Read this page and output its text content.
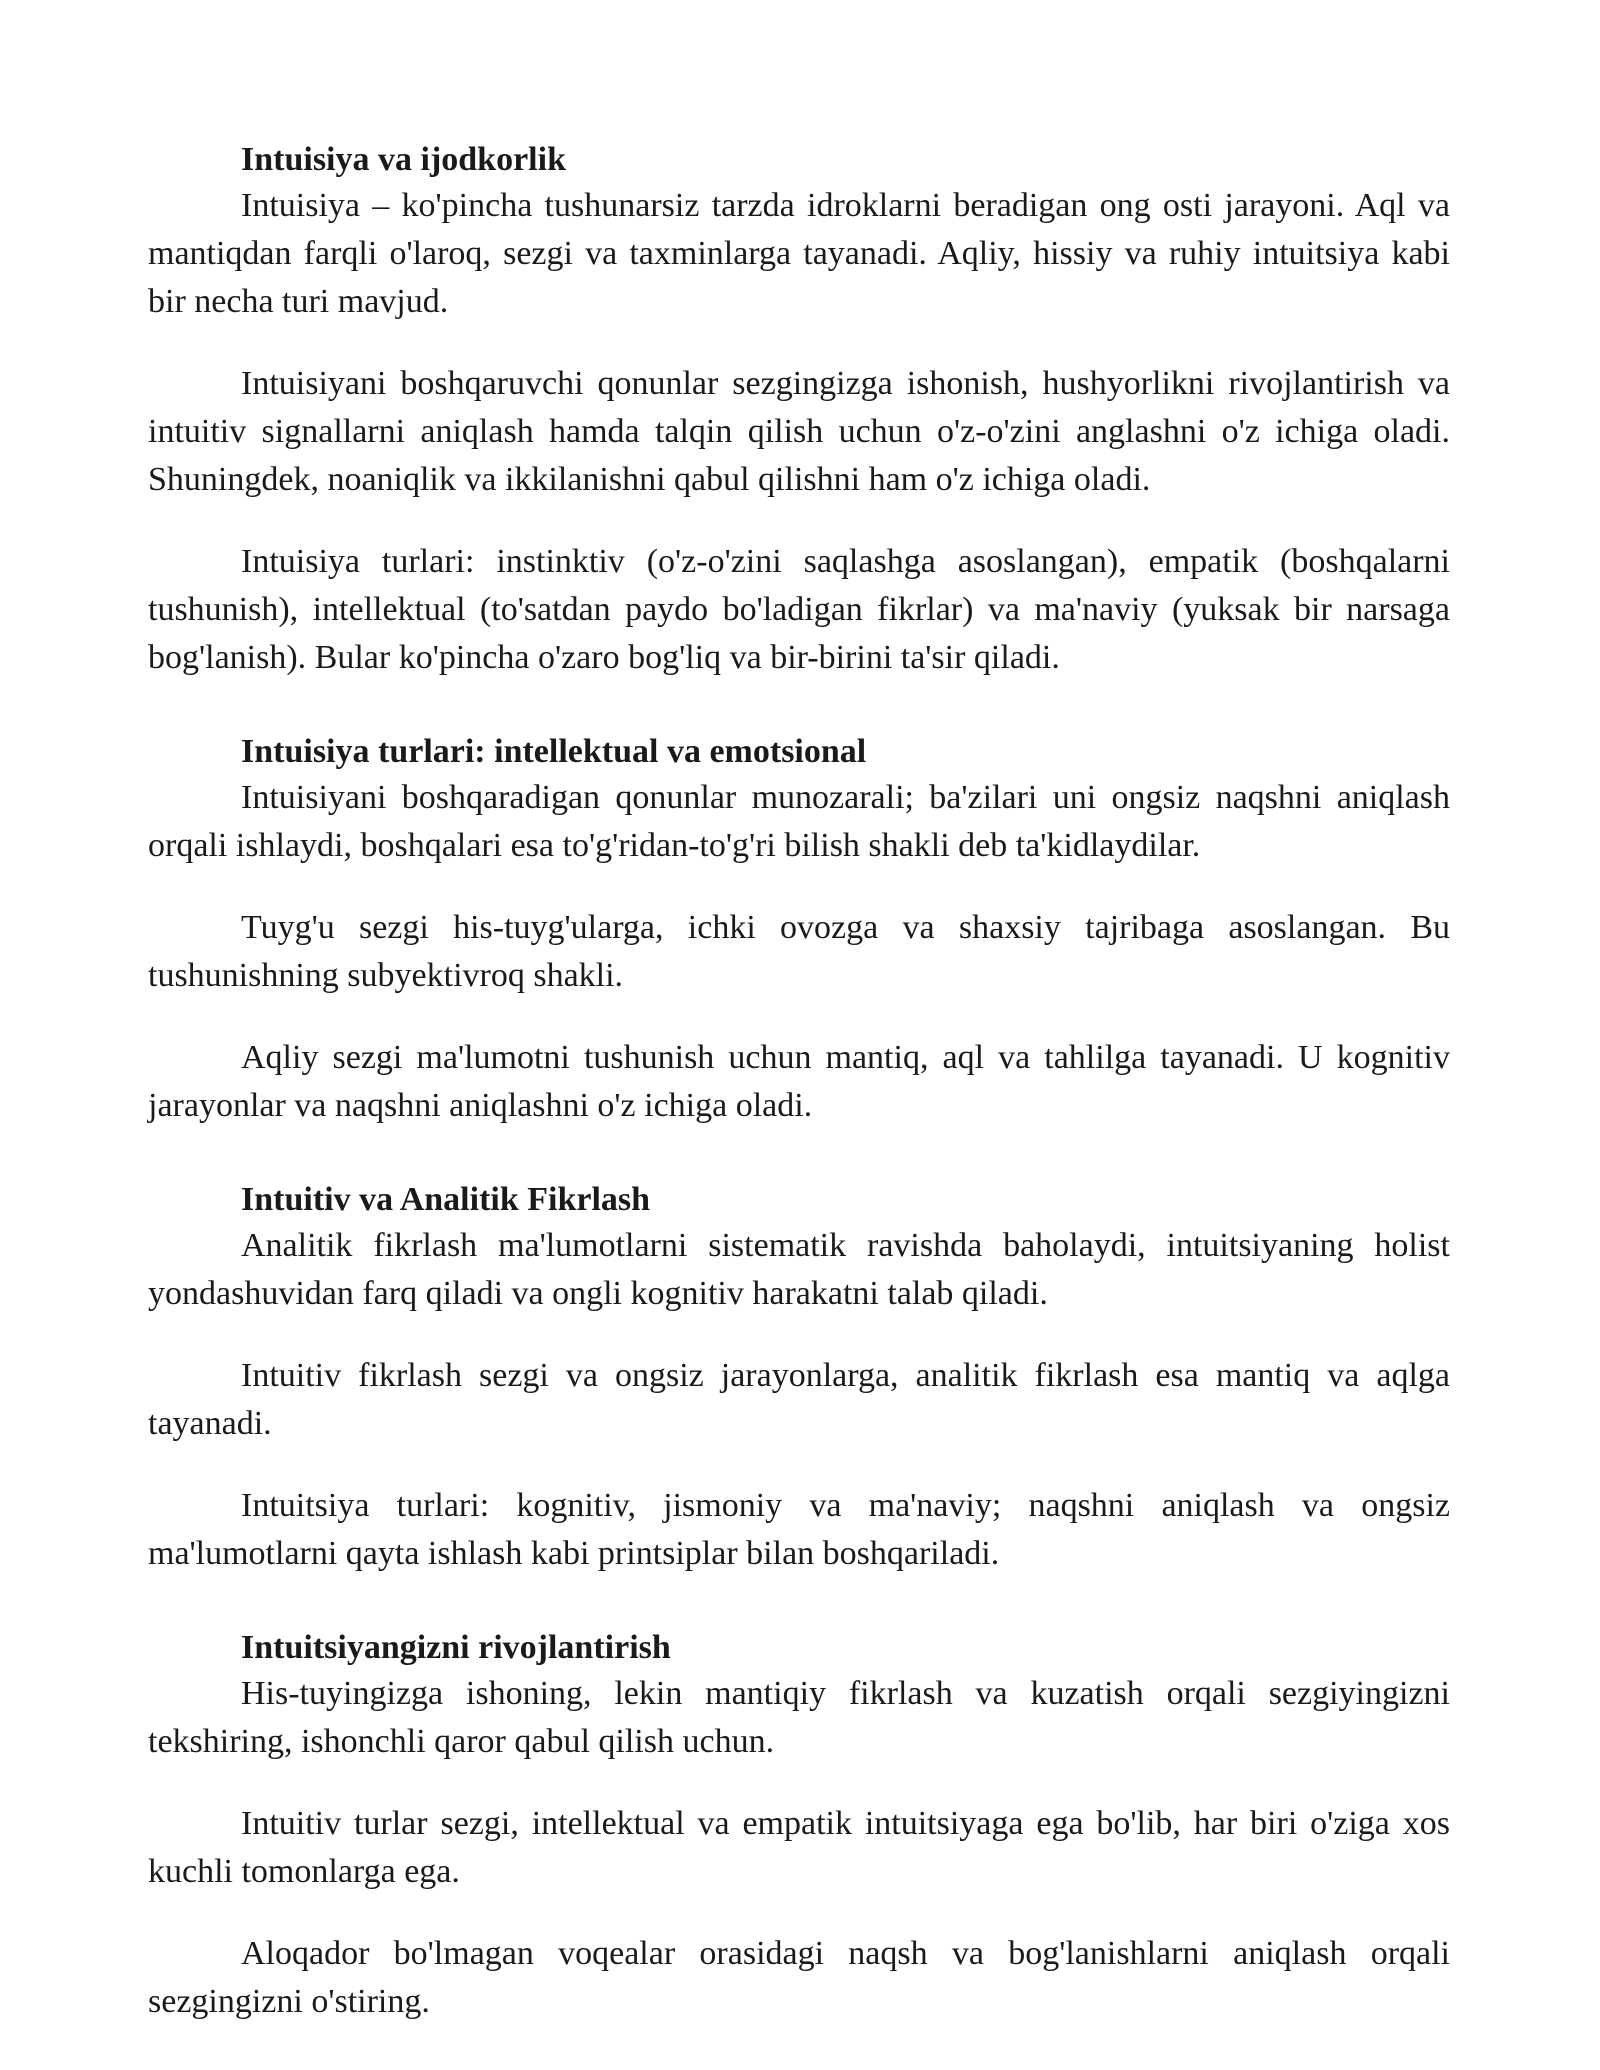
Intuisiya va ijodkorlik

Intuisiya – ko'pincha tushunarsiz tarzda idroklarni beradigan ong osti jarayoni. Aql va mantiqdan farqli o'laroq, sezgi va taxminlarga tayanadi. Aqliy, hissiy va ruhiy intuitsiya kabi bir necha turi mavjud.

Intuisiyani boshqaruvchi qonunlar sezgingizga ishonish, hushyorlikni rivojlantirish va intuitiv signallarni aniqlash hamda talqin qilish uchun o'z-o'zini anglashni o'z ichiga oladi. Shuningdek, noaniqlik va ikkilanishni qabul qilishni ham o'z ichiga oladi.

Intuisiya turlari: instinktiv (o'z-o'zini saqlashga asoslangan), empatik (boshqalarni tushunish), intellektual (to'satdan paydo bo'ladigan fikrlar) va ma'naviy (yuksak bir narsaga bog'lanish). Bular ko'pincha o'zaro bog'liq va bir-birini ta'sir qiladi.

Intuisiya turlari: intellektual va emotsional

Intuisiyani boshqaradigan qonunlar munozarali; ba'zilari uni ongsiz naqshni aniqlash orqali ishlaydi, boshqalari esa to'g'ridan-to'g'ri bilish shakli deb ta'kidlaydilar.

Tuyg'u sezgi his-tuyg'ularga, ichki ovozga va shaxsiy tajribaga asoslangan. Bu tushunishning subyektivroq shakli.

Aqliy sezgi ma'lumotni tushunish uchun mantiq, aql va tahlilga tayanadi. U kognitiv jarayonlar va naqshni aniqlashni o'z ichiga oladi.

Intuitiv va Analitik Fikrlash

Analitik fikrlash ma'lumotlarni sistematik ravishda baholaydi, intuitsiyaning holist yondashuvidan farq qiladi va ongli kognitiv harakatni talab qiladi.

Intuitiv fikrlash sezgi va ongsiz jarayonlarga, analitik fikrlash esa mantiq va aqlga tayanadi.

Intuitsiya turlari: kognitiv, jismoniy va ma'naviy; naqshni aniqlash va ongsiz ma'lumotlarni qayta ishlash kabi printsiplar bilan boshqariladi.

Intuitsiyangizni rivojlantirish

His-tuyingizga ishoning, lekin mantiqiy fikrlash va kuzatish orqali sezgiyingizni tekshiring, ishonchli qaror qabul qilish uchun.

Intuitiv turlar sezgi, intellektual va empatik intuitsiyaga ega bo'lib, har biri o'ziga xos kuchli tomonlarga ega.

Aloqador bo'lmagan voqealar orasidagi naqsh va bog'lanishlarni aniqlash orqali sezgingizni o'stiring.
